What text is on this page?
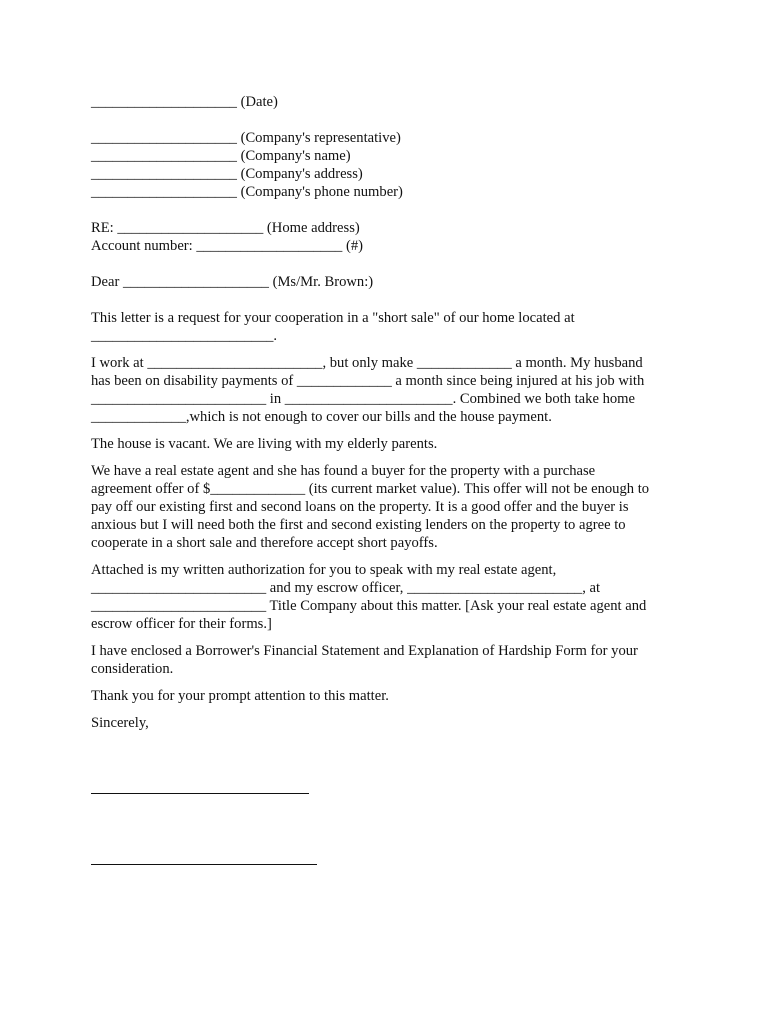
____________________ (Date)
____________________ (Company's representative)
____________________ (Company's name)
____________________ (Company's address)
____________________ (Company's phone number)
RE: ____________________ (Home address)
Account number: ____________________ (#)
Dear ____________________ (Ms/Mr. Brown:)
This letter is a request for your cooperation in a "short sale" of our home located at
_________________________.
I work at ________________________, but only make _____________ a month. My husband
has been on disability payments of _____________ a month since being injured at his job with
________________________ in _______________________. Combined we both take home
_____________,which is not enough to cover our bills and the house payment.
The house is vacant. We are living with my elderly parents.
We have a real estate agent and she has found a buyer for the property with a purchase
agreement offer of $_____________ (its current market value). This offer will not be enough to
pay off our existing first and second loans on the property. It is a good offer and the buyer is
anxious but I will need both the first and second existing lenders on the property to agree to
cooperate in a short sale and therefore accept short payoffs.
Attached is my written authorization for you to speak with my real estate agent,
________________________ and my escrow officer, ________________________, at
________________________ Title Company about this matter. [Ask your real estate agent and
escrow officer for their forms.]
I have enclosed a Borrower's Financial Statement and Explanation of Hardship Form for your
consideration.
Thank you for your prompt attention to this matter.
Sincerely,
